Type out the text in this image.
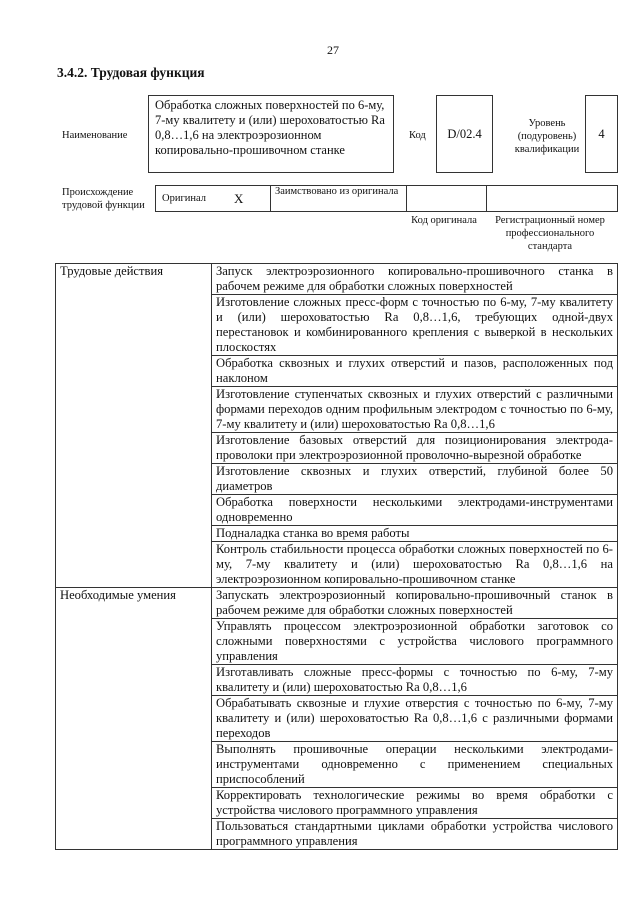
27
3.4.2. Трудовая функция
Наименование
Обработка сложных поверхностей по 6-му, 7-му квалитету и (или) шероховатостью Ra 0,8…1,6 на электроэрозионном копировально-прошивочном станке
Код	D/02.4
Уровень (подуровень) квалификации
4
Происхождение трудовой функции
Оригинал X	Заимствовано из оригинала
Код оригинала	Регистрационный номер профессионального стандарта
Трудовые действия	Запуск электроэрозионного копировально-прошивочного станка в рабочем режиме для обработки сложных поверхностей
	Изготовление сложных пресс-форм с точностью по 6-му, 7-му квалитету и (или) шероховатостью Ra 0,8…1,6, требующих одной-двух перестановок и комбинированного крепления с выверкой в нескольких плоскостях
	Обработка сквозных и глухих отверстий и пазов, расположенных под наклоном
	Изготовление ступенчатых сквозных и глухих отверстий с различными формами переходов одним профильным электродом с точностью по 6-му, 7-му квалитету и (или) шероховатостью Ra 0,8…1,6
	Изготовление базовых отверстий для позиционирования электрода-проволоки при электроэрозионной проволочно-вырезной обработке
	Изготовление сквозных и глухих отверстий, глубиной более 50 диаметров
	Обработка поверхности несколькими электродами-инструментами одновременно
	Подналадка станка во время работы
	Контроль стабильности процесса обработки сложных поверхностей по 6-му, 7-му квалитету и (или) шероховатостью Ra 0,8…1,6 на электроэрозионном копировально-прошивочном станке
Необходимые умения	Запускать электроэрозионный копировально-прошивочный станок в рабочем режиме для обработки сложных поверхностей
	Управлять процессом электроэрозионной обработки заготовок со сложными поверхностями с устройства числового программного управления
	Изготавливать сложные пресс-формы с точностью по 6-му, 7-му квалитету и (или) шероховатостью Ra 0,8…1,6
	Обрабатывать сквозные и глухие отверстия с точностью по 6-му, 7-му квалитету и (или) шероховатостью Ra 0,8…1,6 с различными формами переходов
	Выполнять прошивочные операции несколькими электродами-инструментами одновременно с применением специальных приспособлений
	Корректировать технологические режимы во время обработки с устройства числового программного управления
	Пользоваться стандартными циклами обработки устройства числового программного управления
